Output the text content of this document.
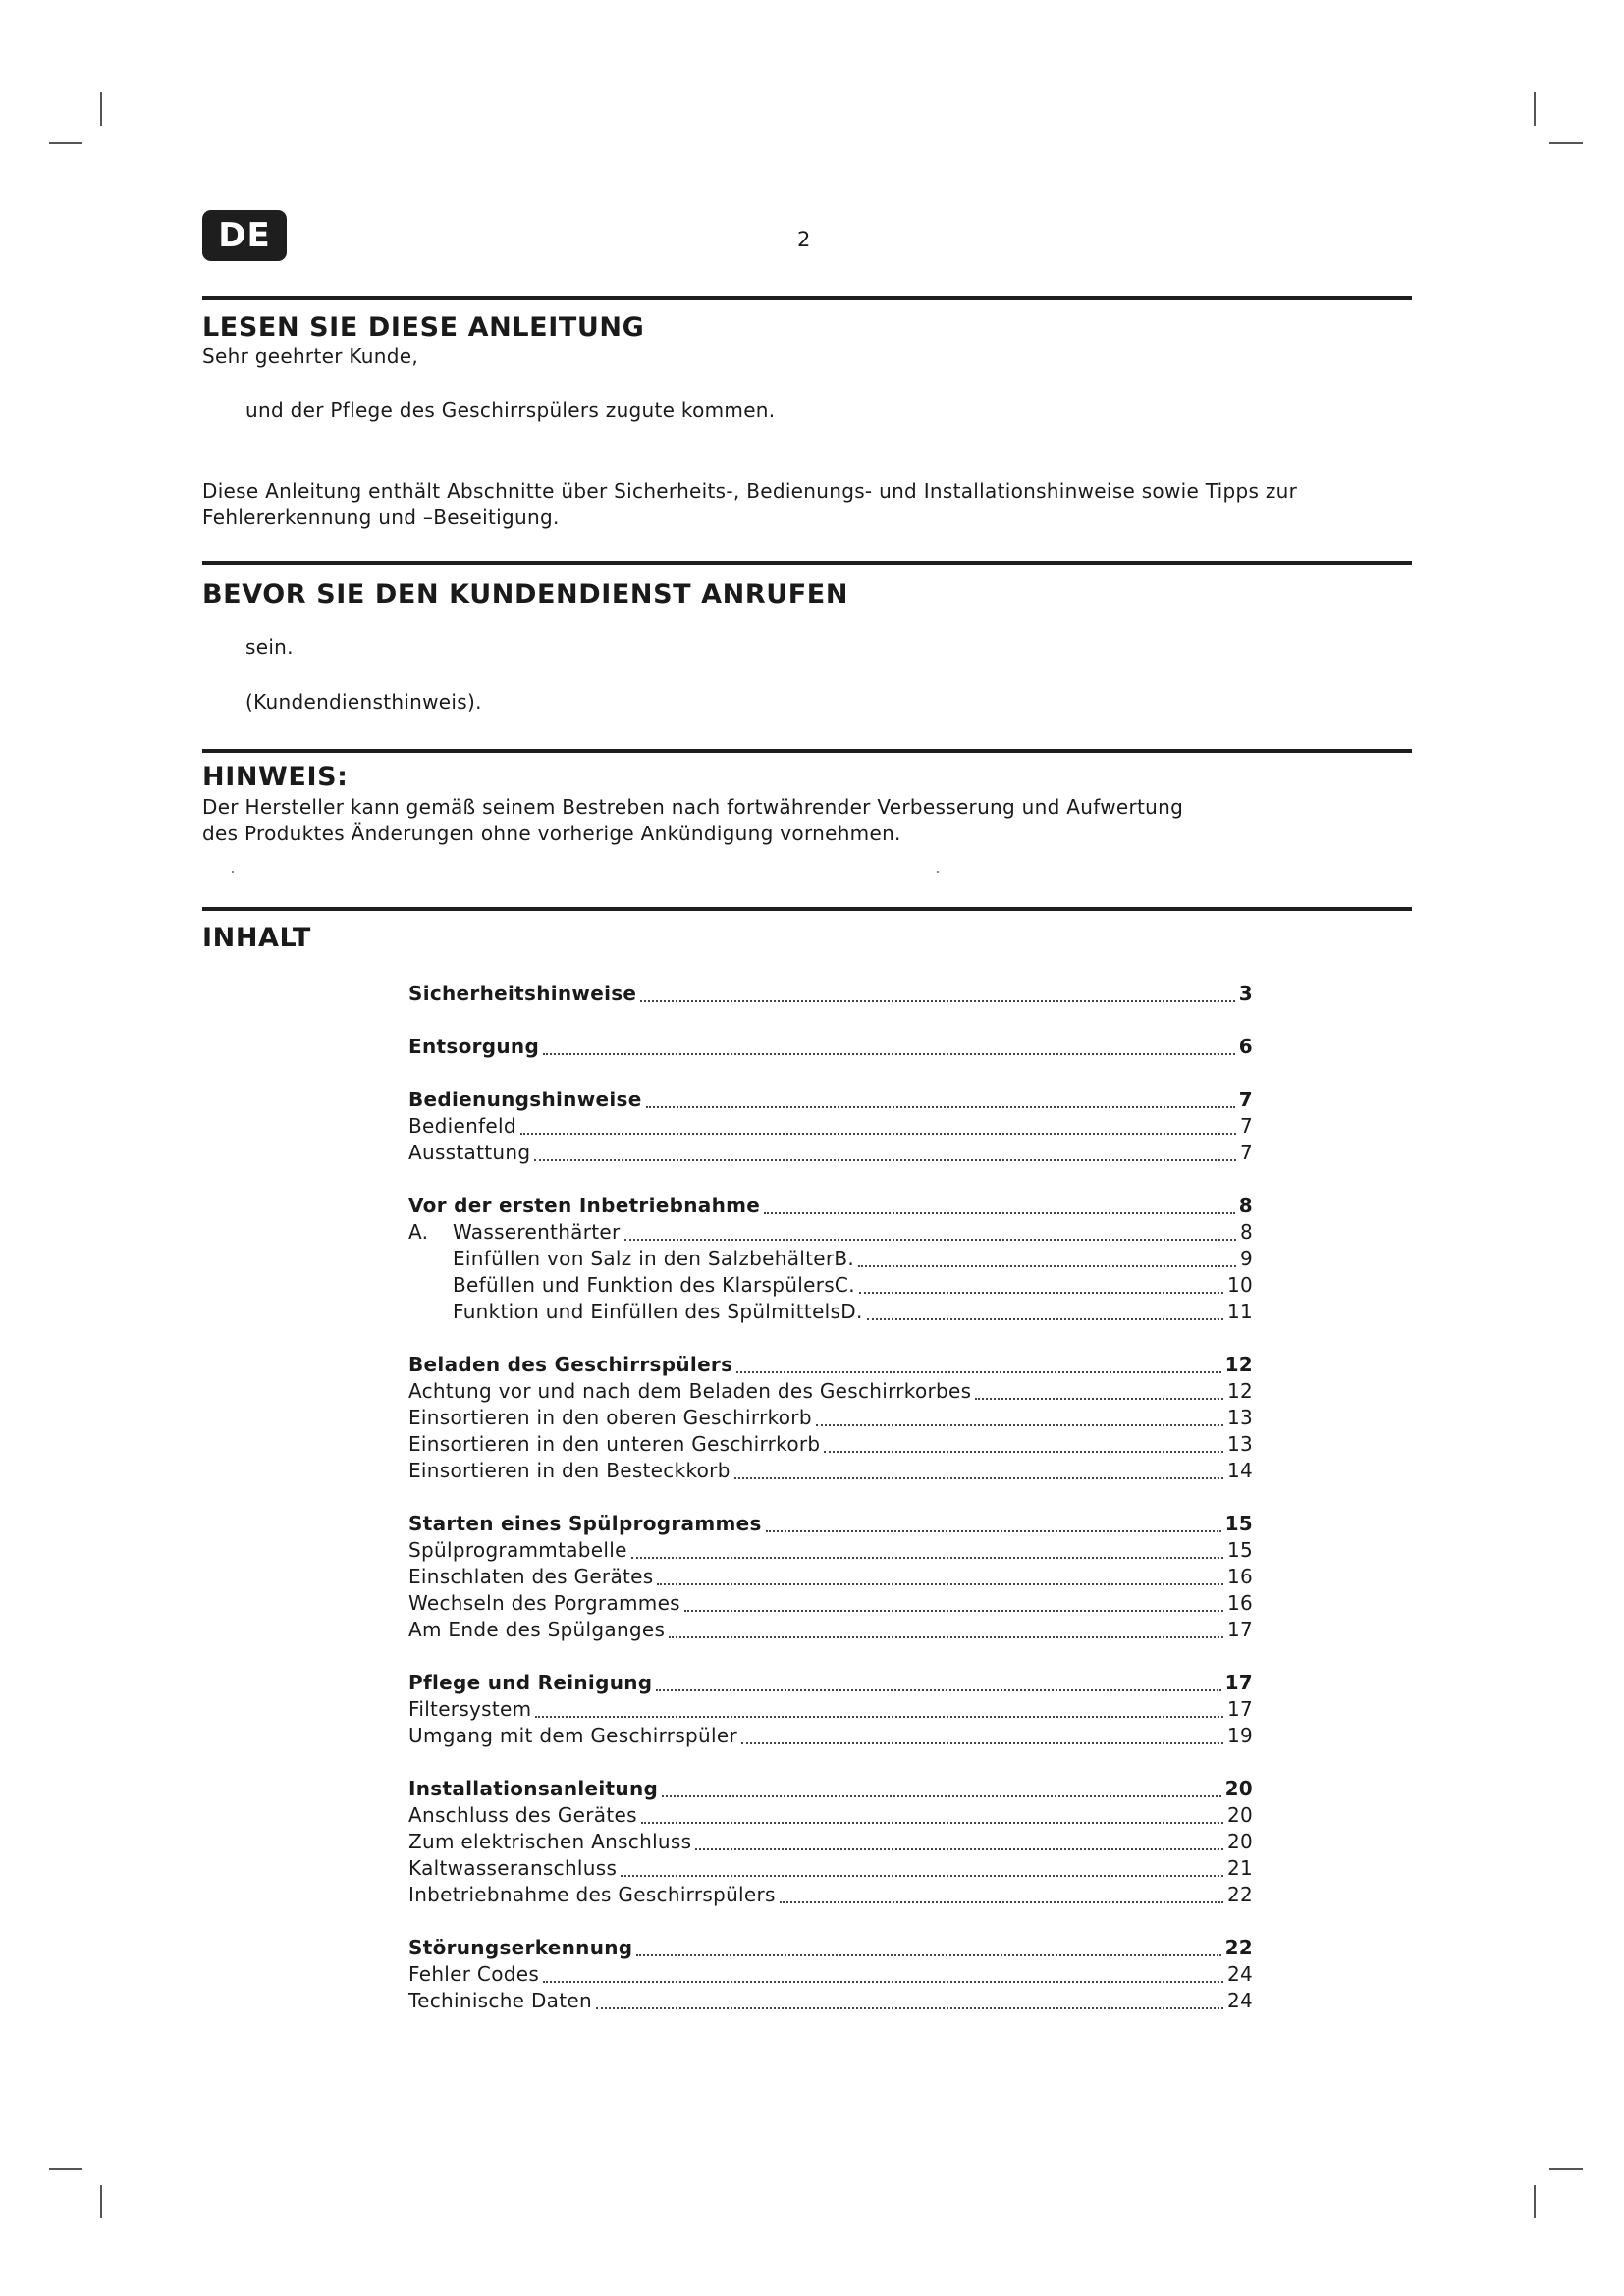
DE	2
LESEN SIE DIESE ANLEITUNG
Sehr geehrter Kunde,
und der Pflege des Geschirrspülers zugute kommen.
Diese Anleitung enthält Abschnitte über Sicherheits-, Bedienungs- und Installationshinweise sowie Tipps zur
Fehlererkennung und –Beseitigung.
BEVOR SIE DEN KUNDENDIENST ANRUFEN
sein.
(Kundendiensthinweis).
HINWEIS:
Der Hersteller kann gemäß seinem Bestreben nach fortwährender Verbesserung und Aufwertung
des Produktes Änderungen ohne vorherige Ankündigung vornehmen.
INHALT
Sicherheitshinweise	3
Entsorgung	6
Bedienungshinweise	7
Bedienfeld	7
Ausstattung	7
Vor der ersten Inbetriebnahme	8
A.	Wasserenthärter	8
Einfüllen von Salz in den SalzbehälterB.	9
Befüllen und Funktion des KlarspülersC.	10
Funktion und Einfüllen des SpülmittelsD.	11
Beladen des Geschirrspülers	12
Achtung vor und nach dem Beladen des Geschirrkorbes	12
Einsortieren in den oberen Geschirrkorb	13
Einsortieren in den unteren Geschirrkorb	13
Einsortieren in den Besteckkorb	14
Starten eines Spülprogrammes	15
Spülprogrammtabelle	15
Einschlaten des Gerätes	16
Wechseln des Porgrammes	16
Am Ende des Spülganges	17
Pflege und Reinigung	17
Filtersystem	17
Umgang mit dem Geschirrspüler	19
Installationsanleitung	20
Anschluss des Gerätes	20
Zum elektrischen Anschluss	20
Kaltwasseranschluss	21
Inbetriebnahme des Geschirrspülers	22
Störungserkennung	22
Fehler Codes	24
Techinische Daten	24
